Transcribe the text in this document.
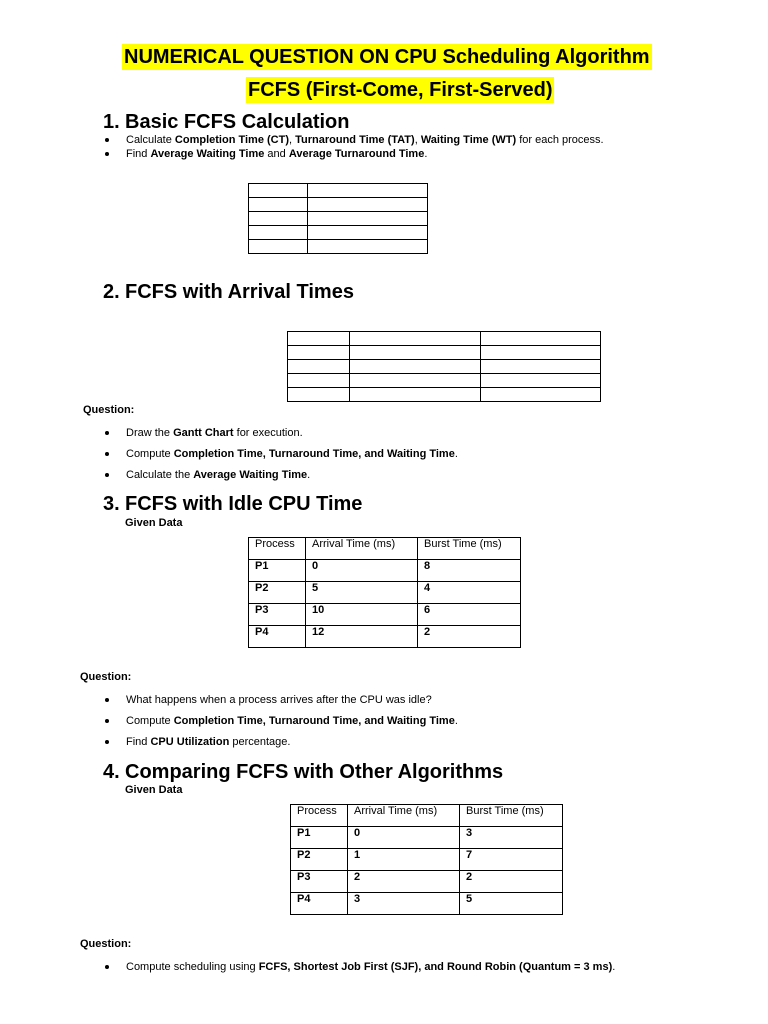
NUMERICAL QUESTION ON CPU Scheduling Algorithm
FCFS (First-Come, First-Served)
1. Basic FCFS Calculation
Calculate Completion Time (CT), Turnaround Time (TAT), Waiting Time (WT) for each process.
Find Average Waiting Time and Average Turnaround Time.

2. FCFS with Arrival Times

Question:
Draw the Gantt Chart for execution.
Compute Completion Time, Turnaround Time, and Waiting Time.
Calculate the Average Waiting Time.
3. FCFS with Idle CPU Time
Given Data
Process	Arrival Time (ms)	Burst Time (ms)
P1	0	8
P2	5	4
P3	10	6
P4	12	2
Question:
What happens when a process arrives after the CPU was idle?
Compute Completion Time, Turnaround Time, and Waiting Time.
Find CPU Utilization percentage.
4. Comparing FCFS with Other Algorithms
Given Data
Process	Arrival Time (ms)	Burst Time (ms)
P1	0	3
P2	1	7
P3	2	2
P4	3	5
Question:
Compute scheduling using FCFS, Shortest Job First (SJF), and Round Robin (Quantum = 3 ms).
